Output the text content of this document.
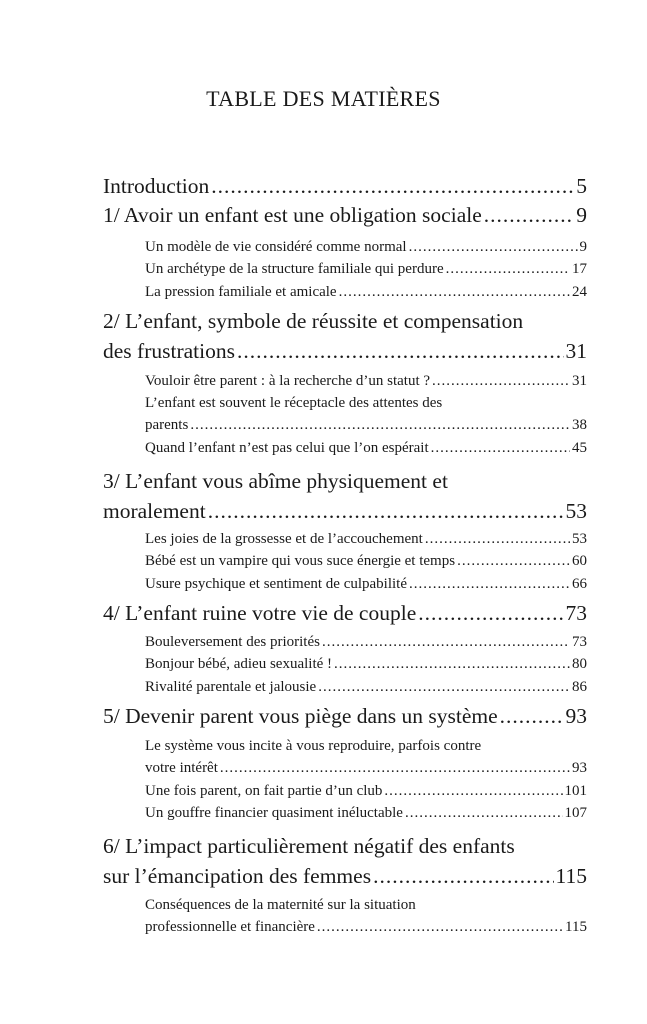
TABLE DES MATIÈRES
Introduction .....	5
1/ Avoir un enfant est une obligation sociale .....	9
Un modèle de vie considéré comme normal .....	9
Un archétype de la structure familiale qui perdure .....	17
La pression familiale et amicale .....	24
2/ L’enfant, symbole de réussite et compensation
des frustrations .....	31
Vouloir être parent : à la recherche d’un statut ? .....	31
L’enfant est souvent le réceptacle des attentes des
parents .....	38
Quand l’enfant n’est pas celui que l’on espérait .....	45
3/ L’enfant vous abîme physiquement et
moralement .....	53
Les joies de la grossesse et de l’accouchement .....	53
Bébé est un vampire qui vous suce énergie et temps .....	60
Usure psychique et sentiment de culpabilité .....	66
4/ L’enfant ruine votre vie de couple .....	73
Bouleversement des priorités .....	73
Bonjour bébé, adieu sexualité ! .....	80
Rivalité parentale et jalousie .....	86
5/ Devenir parent vous piège dans un système .....	93
Le système vous incite à vous reproduire, parfois contre
votre intérêt .....	93
Une fois parent, on fait partie d’un club .....	101
Un gouffre financier quasiment inéluctable .....	107
6/ L’impact particulièrement négatif des enfants
sur l’émancipation des femmes .....	115
Conséquences de la maternité sur la situation
professionnelle et financière .....	115
